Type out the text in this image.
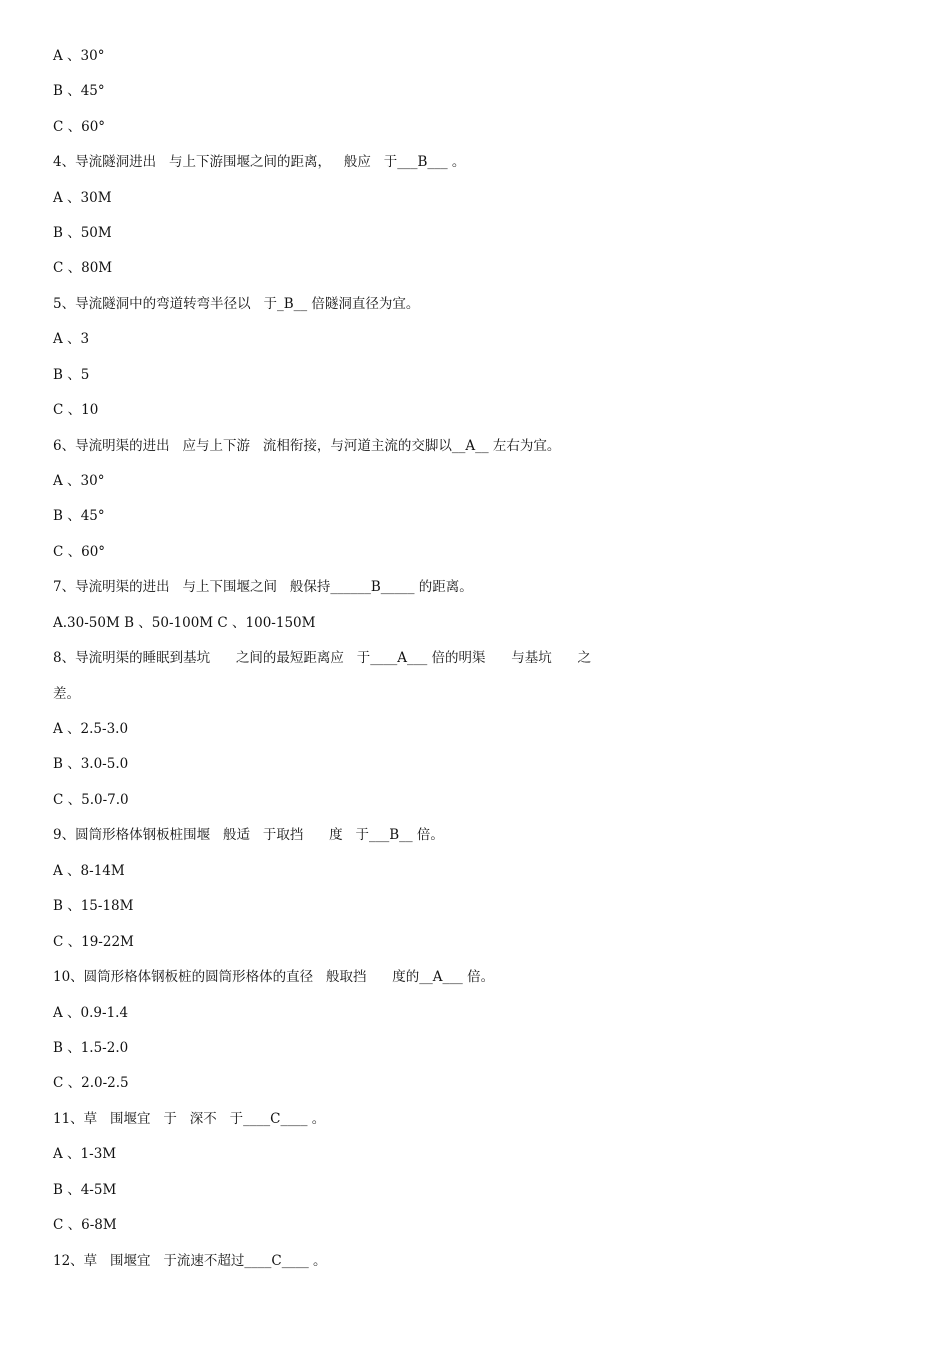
A 、30°
B 、45°
C 、60°
4、导流隧洞进出   与上下游围堰之间的距离，   般应   于___B___ 。
A 、30M
B 、50M
C 、80M
5、导流隧洞中的弯道转弯半径以   于_B__ 倍隧洞直径为宜。
A 、3
B 、5
C 、10
6、导流明渠的进出   应与上下游   流相衔接，与河道主流的交脚以__A__ 左右为宜。
A 、30°
B 、45°
C 、60°
7、导流明渠的进出   与上下围堰之间   般保持______B_____ 的距离。
A.30-50M B 、50-100M C 、100-150M
8、导流明渠的睡眠到基坑      之间的最短距离应   于____A___ 倍的明渠      与基坑      之
差。
A 、2.5-3.0
B 、3.0-5.0
C 、5.0-7.0
9、圆筒形格体钢板桩围堰   般适   于取挡      度   于___B__ 倍。
A 、8-14M
B 、15-18M
C 、19-22M
10、圆筒形格体钢板桩的圆筒形格体的直径   般取挡      度的__A___ 倍。
A 、0.9-1.4
B 、1.5-2.0
C 、2.0-2.5
11、草   围堰宜   于   深不   于____C____ 。
A 、1-3M
B 、4-5M
C 、6-8M
12、草   围堰宜   于流速不超过____C____ 。
